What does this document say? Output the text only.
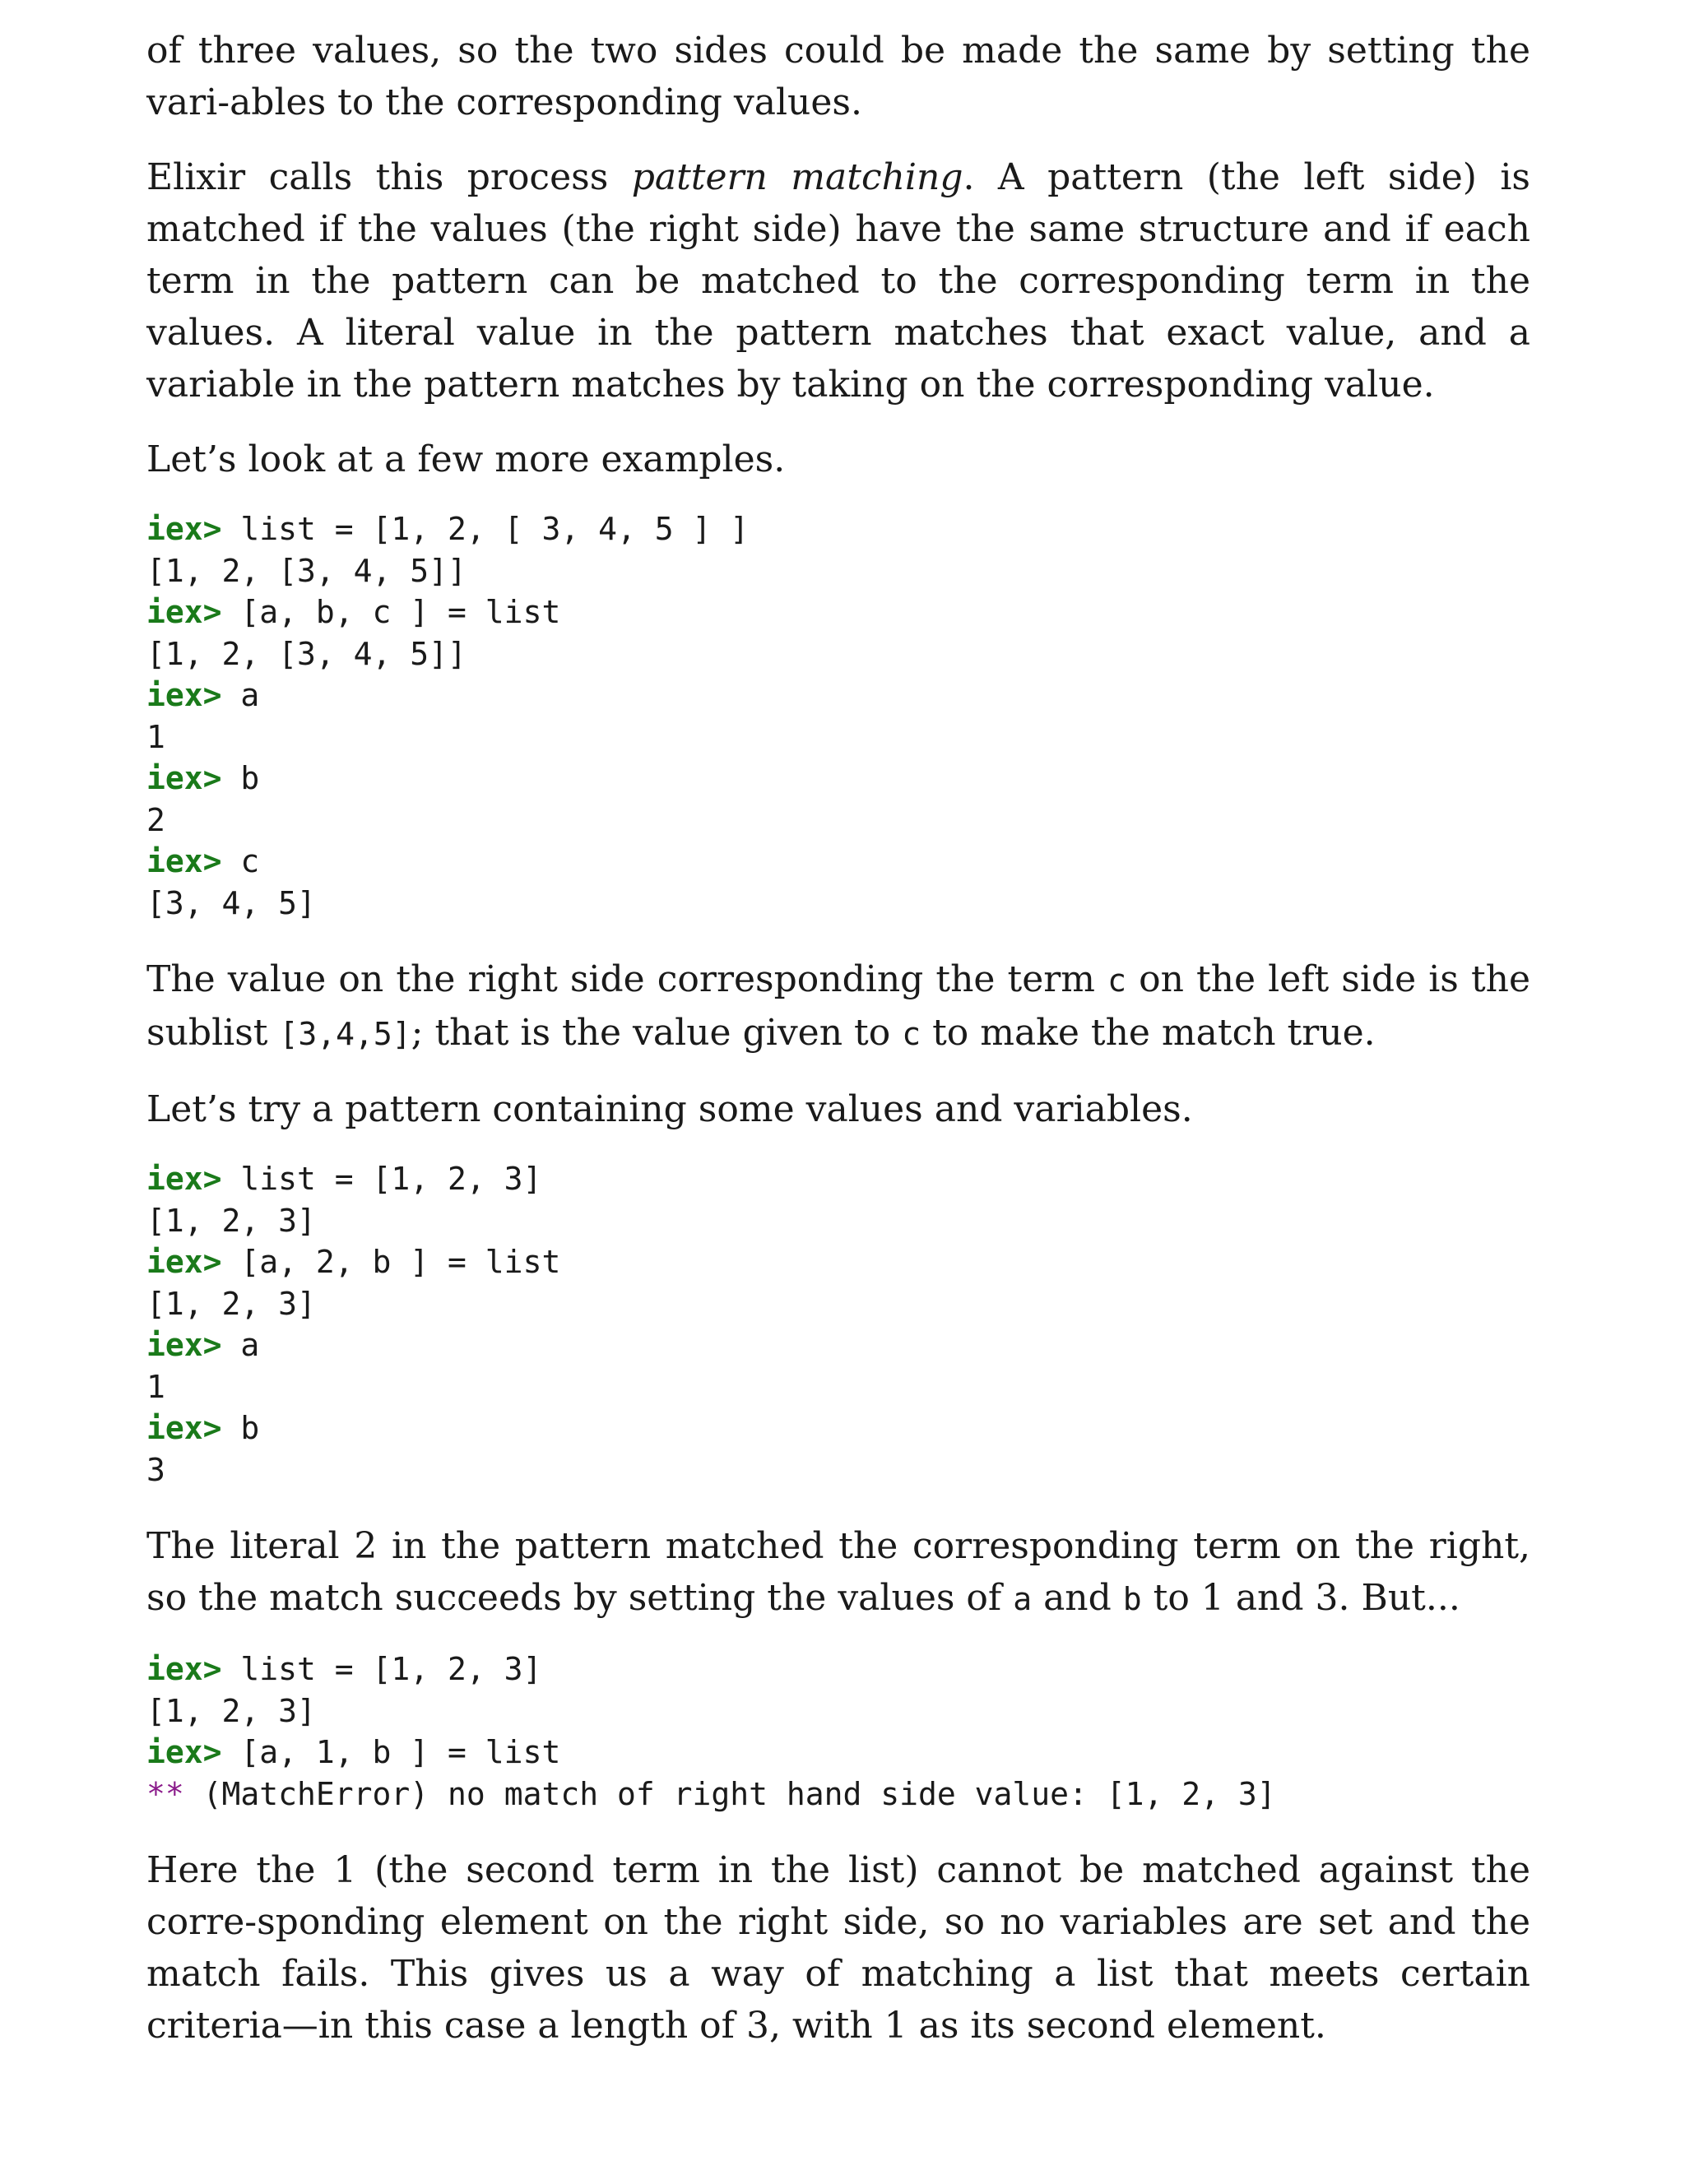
of three values, so the two sides could be made the same by setting the vari-ables to the corresponding values.

Elixir calls this process pattern matching. A pattern (the left side) is matched if the values (the right side) have the same structure and if each term in the pattern can be matched to the corresponding term in the values. A literal value in the pattern matches that exact value, and a variable in the pattern matches by taking on the corresponding value.

Let’s look at a few more examples.

iex> list = [1, 2, [ 3, 4, 5 ] ]
[1, 2, [3, 4, 5]]
iex> [a, b, c ] = list
[1, 2, [3, 4, 5]]
iex> a
1
iex> b
2
iex> c
[3, 4, 5]

The value on the right side corresponding the term c on the left side is the sublist [3,4,5]; that is the value given to c to make the match true.

Let’s try a pattern containing some values and variables.

iex> list = [1, 2, 3]
[1, 2, 3]
iex> [a, 2, b ] = list
[1, 2, 3]
iex> a
1
iex> b
3

The literal 2 in the pattern matched the corresponding term on the right, so the match succeeds by setting the values of a and b to 1 and 3. But...

iex> list = [1, 2, 3]
[1, 2, 3]
iex> [a, 1, b ] = list
** (MatchError) no match of right hand side value: [1, 2, 3]

Here the 1 (the second term in the list) cannot be matched against the corre-sponding element on the right side, so no variables are set and the match fails. This gives us a way of matching a list that meets certain criteria—in this case a length of 3, with 1 as its second element.
